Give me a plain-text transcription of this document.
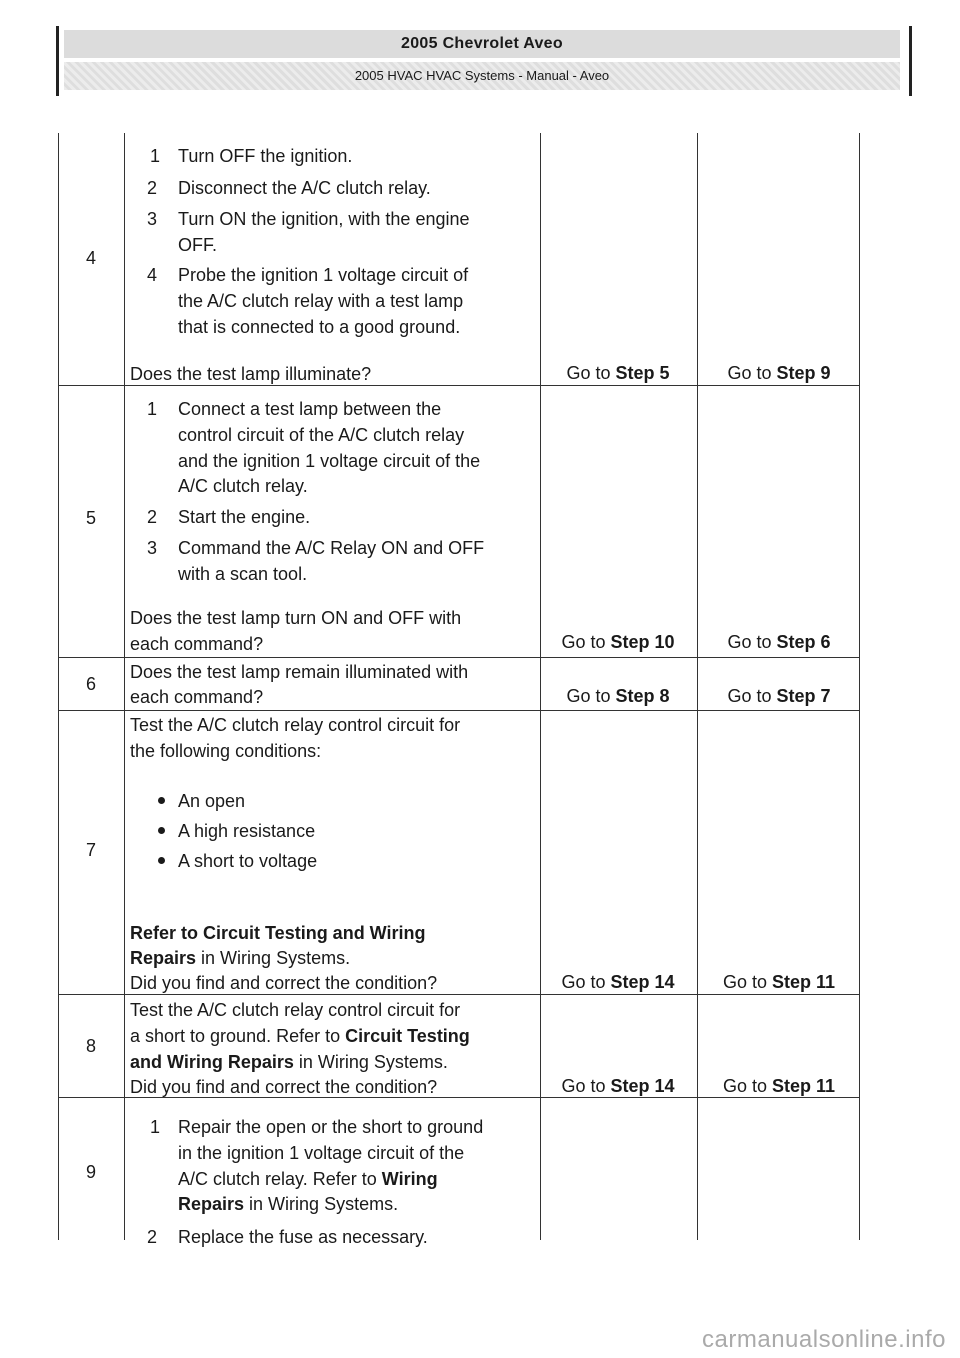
2005 Chevrolet Aveo
2005 HVAC HVAC Systems - Manual - Aveo
4
1 Turn OFF the ignition.
2 Disconnect the A/C clutch relay.
3 Turn ON the ignition, with the engine
OFF.
4 Probe the ignition 1 voltage circuit of
the A/C clutch relay with a test lamp
that is connected to a good ground.
Does the test lamp illuminate?	Go to Step 5	Go to Step 9
5
1 Connect a test lamp between the
control circuit of the A/C clutch relay
and the ignition 1 voltage circuit of the
A/C clutch relay.
2 Start the engine.
3 Command the A/C Relay ON and OFF
with a scan tool.
Does the test lamp turn ON and OFF with
each command?	Go to Step 10	Go to Step 6
6
Does the test lamp remain illuminated with
each command?	Go to Step 8	Go to Step 7
7
Test the A/C clutch relay control circuit for
the following conditions:
An open
A high resistance
A short to voltage
Refer to Circuit Testing and Wiring
Repairs in Wiring Systems.
Did you find and correct the condition?	Go to Step 14	Go to Step 11
8
Test the A/C clutch relay control circuit for
a short to ground. Refer to Circuit Testing
and Wiring Repairs in Wiring Systems.
Did you find and correct the condition?	Go to Step 14	Go to Step 11
9
1 Repair the open or the short to ground
in the ignition 1 voltage circuit of the
A/C clutch relay. Refer to Wiring
Repairs in Wiring Systems.
2 Replace the fuse as necessary.
carmanualsonline.info
